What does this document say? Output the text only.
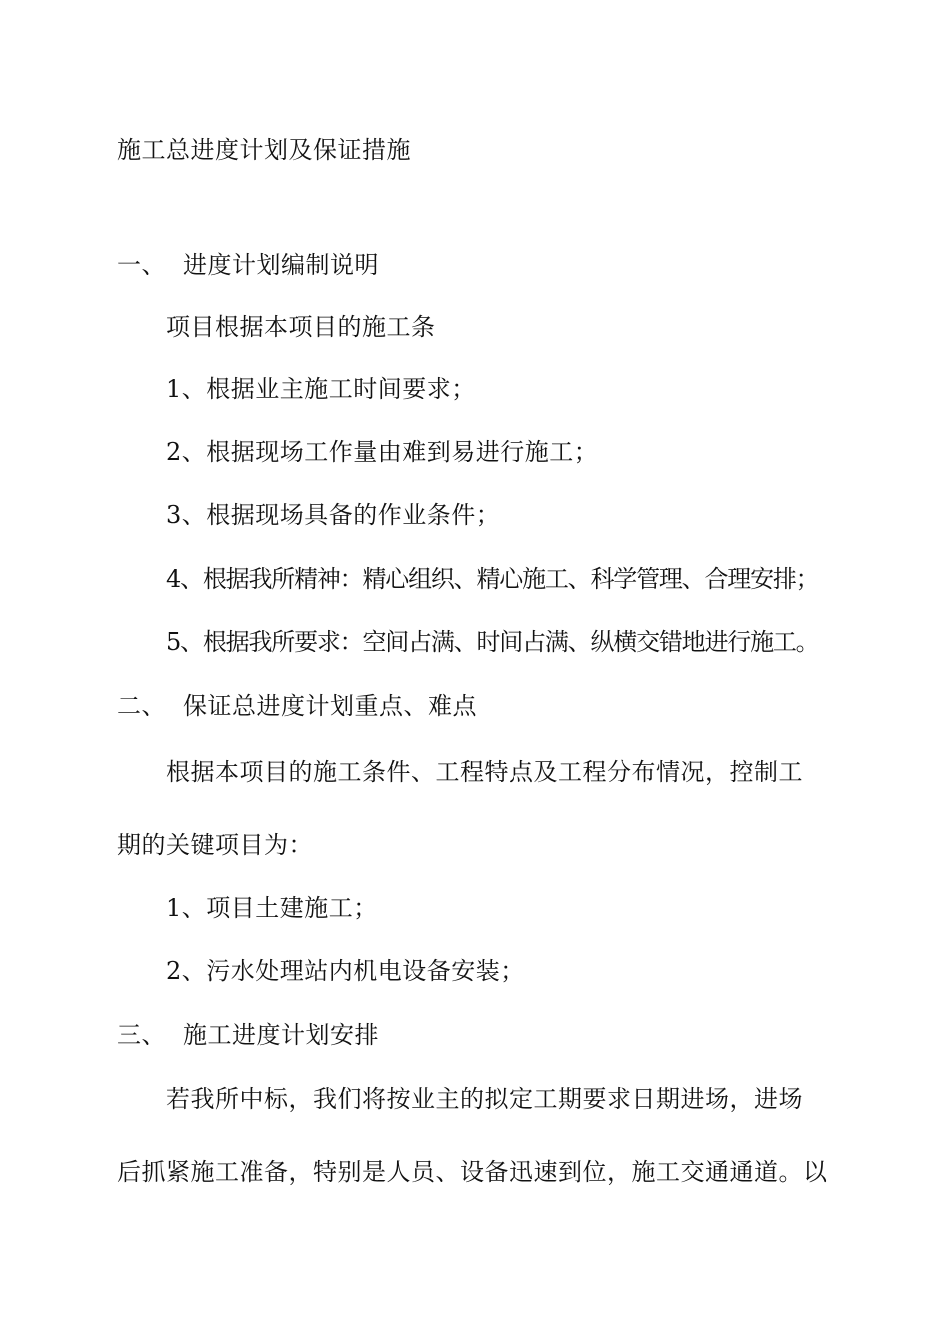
施工总进度计划及保证措施
一、 进度计划编制说明
项目根据本项目的施工条
1、根据业主施工时间要求；
2、根据现场工作量由难到易进行施工；
3、根据现场具备的作业条件；
4、根据我所精神：精心组织、精心施工、科学管理、合理安排；
5、根据我所要求：空间占满、时间占满、纵横交错地进行施工。
二、 保证总进度计划重点、难点
根据本项目的施工条件、工程特点及工程分布情况，控制工
期的关键项目为：
1、项目土建施工；
2、污水处理站内机电设备安装；
三、 施工进度计划安排
若我所中标，我们将按业主的拟定工期要求日期进场，进场
后抓紧施工准备，特别是人员、设备迅速到位，施工交通通道。以
